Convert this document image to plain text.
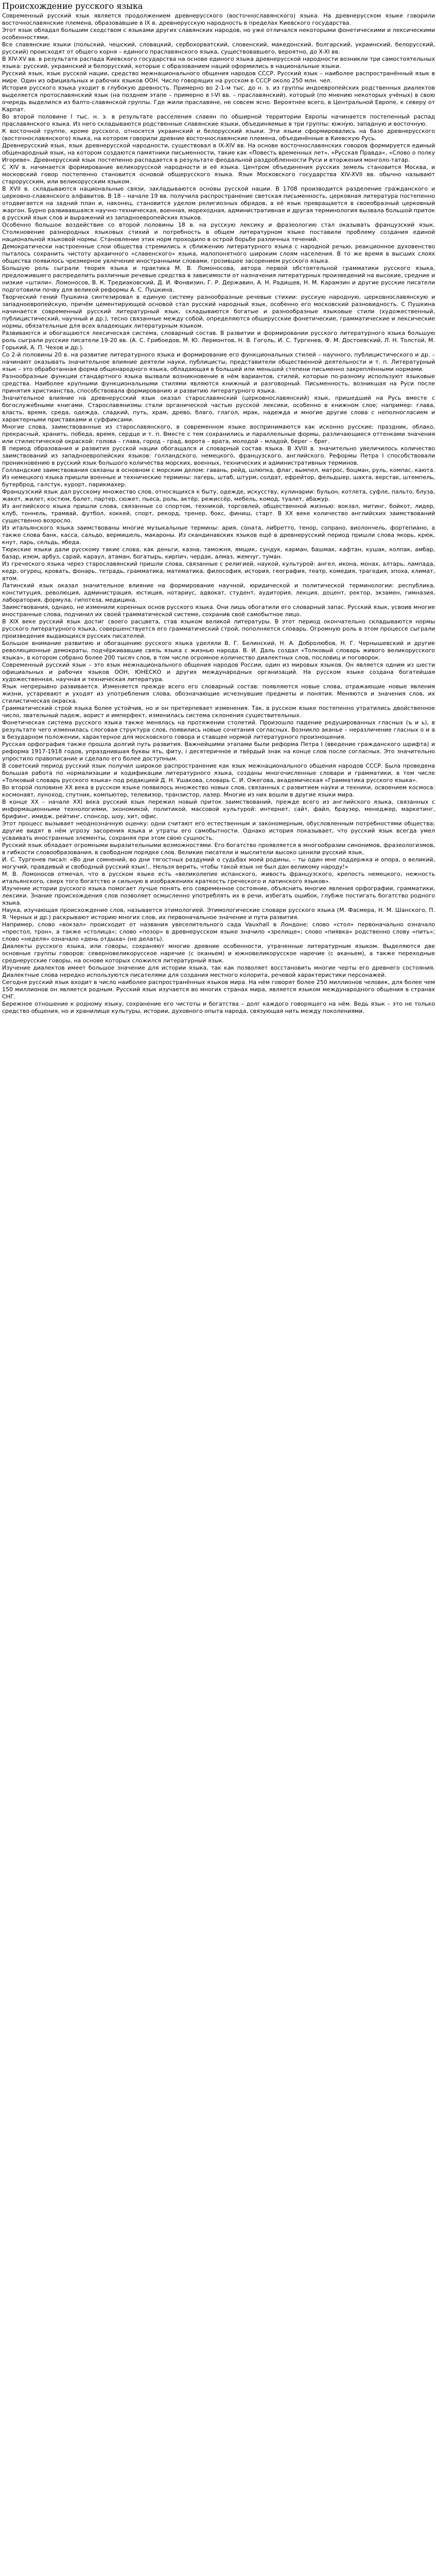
Происхождение русского языка

Современный русский язык является продолжением древнерусского (восточнославянского) языка. На древнерусском языке говорили восточнославянские племена, образовавшие в IX в. древнерусскую народность в пределах Киевского государства.

Этот язык обладал большим сходством с языками других славянских народов, но уже отличался некоторыми фонетическими и лексическими особенностями.

Все славянские языки (польский, чешский, словацкий, сербохорватский, словенский, македонский, болгарский, украинский, белорусский, русский) происходят от общего корня – единого праславянского языка, существовавшего, вероятно, до X-XI вв.

В XIV-XV вв. в результате распада Киевского государства на основе единого языка древнерусской народности возникли три самостоятельных языка: русский, украинский и белорусский, которые с образованием наций оформились в национальные языки.

Русский язык, язык русской нации, средство межнационального общения народов СССР. Русский язык – наиболее распространённый язык в мире. Один из официальных и рабочих языков ООН. Число говорящих на русском в СССР около 250 млн. чел.

История русского языка уходит в глубокую древность. Примерно во 2-1-м тыс. до н. э. из группы индоевропейских родственных диалектов выделяется протославянский язык (на позднем этапе – примерно в I-VI вв. – праславянский), который (по мнению некоторых учёных) в свою очередь выделился из балто-славянской группы. Где жили праславяне, не совсем ясно. Вероятнее всего, в Центральной Европе, к северу от Карпат.

Во второй половине I тыс. н. э. в результате расселения славян по обширной территории Европы начинается постепенный распад праславянского языка. Из него складываются родственные славянские языки, объединяемые в три группы: южную, западную и восточную.

К восточной группе, кроме русского, относятся украинский и белорусский языки. Эти языки сформировались на базе древнерусского (восточнославянского) языка, на котором говорили древние восточнославянские племена, объединённые в Киевскую Русь.

Древнерусский язык, язык древнерусской народности, существовал в IX-XIV вв. На основе восточнославянских говоров формируется единый общенародный язык, на котором создаются памятники письменности, такие как «Повесть временных лет», «Русская Правда», «Слово о полку Игореве». Древнерусский язык постепенно распадается в результате феодальной раздробленности Руси и вторжения монголо-татар.

С XIV в. начинается формирование великорусской народности и её языка. Центром объединения русских земель становится Москва, и московский говор постепенно становится основой общерусского языка. Язык Московского государства XIV-XVII вв. обычно называют старорусским, или великорусским языком.

В XVII в. складываются национальные связи, закладываются основы русской нации. В 1708 производится разделение гражданского и церковно-славянского алфавитов. В 18 – начале 19 вв. получила распространение светская письменность, церковная литература постепенно отодвигается на задний план и, наконец, становится уделом религиозных обрядов, а её язык превращается в своеобразный церковный жаргон. Бурно развивавшаяся научно-техническая, военная, мореходная, административная и другая терминология вызвала большой приток в русский язык слов и выражений из западноевропейских языков.

Особенно большое воздействие со второй половины 18 в. на русскую лексику и фразеологию стал оказывать французский язык. Столкновение разнородных языковых стихий и потребность в общем литературном языке поставили проблему создания единой национальной языковой нормы. Становление этих норм проходило в острой борьбе различных течений.

Демократически настроенные слои общества стремились к сближению литературного языка с народной речью, реакционное духовенство пыталось сохранить чистоту архаичного «славенского» языка, малопонятного широким слоям населения. В то же время в высших слоях общества появилось чрезмерное увлечение иностранными словами, грозившее засорением русского языка.

Большую роль сыграли теория языка и практика М. В. Ломоносова, автора первой обстоятельной грамматики русского языка, предложившего распределить различные речевые средства в зависимости от назначения литературных произведений на высокие, средние и низкие «штили». Ломоносов, В. К. Тредиаковский, Д. И. Фонвизин, Г. Р. Державин, А. Н. Радищев, Н. М. Карамзин и другие русские писатели подготовили почву для великой реформы А. С. Пушкина.

Творческий гений Пушкина синтезировал в единую систему разнообразные речевые стихии: русскую народную, церковнославянскую и западноевропейскую, причём цементирующей основой стал русский народный язык, особенно его московский разновидность. С Пушкина начинается современный русский литературный язык, складываются богатые и разнообразные языковые стили (художественный, публицистический, научный и др.), тесно связанные между собой, определяются общерусские фонетические, грамматические и лексические нормы, обязательные для всех владеющих литературным языком.

Развиваются и обогащаются лексическая система, словарный состав. В развитии и формировании русского литературного языка большую роль сыграли русские писатели 19-20 вв. (А. С. Грибоедов, М. Ю. Лермонтов, Н. В. Гоголь, И. С. Тургенев, Ф. М. Достоевский, Л. Н. Толстой, М. Горький, А. П. Чехов и др.).

Со 2-й половины 20 в. на развитие литературного языка и формирование его функциональных стилей – научного, публицистического и др. – начинают оказывать значительное влияние деятели науки, публицисты, представители общественной деятельности и т. п. Литературный язык – это обработанная форма общенародного языка, обладающая в большей или меньшей степени письменно закреплёнными нормами.

Разнообразные функции стандартного языка вызвали возникновение в нём вариантов, стилей, которые по-разному используют языковые средства. Наиболее крупными функциональными стилями являются книжный и разговорный. Письменность, возникшая на Руси после принятия христианства, способствовала формированию и развитию литературного языка.

Значительное влияние на древнерусский язык оказал старославянский (церковнославянский) язык, пришедший на Русь вместе с богослужебными книгами. Старославянизмы стали органической частью русской лексики, особенно в книжном слое; например: глава, власть, время, среда, одежда, сладкий, путь, храм, древо, благо, глагол, мрак, надежда и многие другие слова с неполногласием и характерными приставками и суффиксами.

Многие слова, заимствованные из старославянского, в современном языке воспринимаются как исконно русские: праздник, облако, прекрасный, хранить, победа, время, сердце и т. п. Вместе с тем сохранились и параллельные формы, различающиеся оттенками значения или стилистической окраской: голова – глава, город – град, ворота – врата, молодой – младой, берег – брег.

В период образования и развития русской нации обогащался и словарный состав языка. В XVIII в. значительно увеличилось количество заимствований из западноевропейских языков: голландского, немецкого, французского, английского. Реформы Петра I способствовали проникновению в русский язык большого количества морских, военных, технических и административных терминов.

Голландские заимствования связаны в основном с морским делом: гавань, рейд, шлюпка, флаг, вымпел, матрос, боцман, руль, компас, каюта. Из немецкого языка пришли военные и технические термины: лагерь, штаб, штурм, солдат, ефрейтор, фельдшер, шахта, верстак, штемпель, бутерброд, галстук, курорт, парикмахер.

Французский язык дал русскому множество слов, относящихся к быту, одежде, искусству, кулинарии: бульон, котлета, суфле, пальто, блуза, жакет, жилет, костюм, балет, партер, сюжет, пьеса, роль, актёр, режиссёр, мебель, комод, туалет, абажур.

Из английского языка пришли слова, связанные со спортом, техникой, торговлей, общественной жизнью: вокзал, митинг, бойкот, лидер, клуб, тоннель, трамвай, футбол, хоккей, спорт, рекорд, тренер, бокс, финиш, старт. В XX веке количество английских заимствований существенно возросло.

Из итальянского языка заимствованы многие музыкальные термины: ария, соната, либретто, тенор, сопрано, виолончель, фортепиано, а также слова банк, касса, сальдо, вермишель, макароны. Из скандинавских языков ещё в древнерусский период пришли слова якорь, крюк, кнут, ларь, сельдь, ябеда.

Тюркские языки дали русскому такие слова, как деньги, казна, таможня, ямщик, сундук, карман, башмак, кафтан, кушак, колпак, амбар, базар, изюм, арбуз, сарай, караул, атаман, богатырь, кирпич, чердак, алмаз, жемчуг, туман.

Из греческого языка через старославянский пришли слова, связанные с религией, наукой, культурой: ангел, икона, монах, алтарь, лампада, кедр, огурец, кровать, фонарь, тетрадь, грамматика, математика, философия, история, география, театр, комедия, трагедия, эпоха, климат, атом.

Латинский язык оказал значительное влияние на формирование научной, юридической и политической терминологии: республика, конституция, революция, администрация, юстиция, нотариус, адвокат, студент, аудитория, лекция, доцент, ректор, экзамен, гимназия, лаборатория, формула, гипотеза, медицина.

Заимствования, однако, не изменили коренных основ русского языка. Они лишь обогатили его словарный запас. Русский язык, усвоив многие иностранные слова, подчинил их своей грамматической системе, сохранив своё самобытное лицо.

В XIX веке русский язык достиг своего расцвета, став языком великой литературы. В этот период окончательно складываются нормы русского литературного языка, совершенствуется его грамматический строй, пополняется словарь. Огромную роль в этом процессе сыграли произведения выдающихся русских писателей.

Большое внимание развитию и обогащению русского языка уделяли В. Г. Белинский, Н. А. Добролюбов, Н. Г. Чернышевский и другие революционные демократы, подчёркивавшие связь языка с жизнью народа. В. И. Даль создал «Толковый словарь живого великорусского языка», в котором собрано более 200 тысяч слов, в том числе огромное количество диалектных слов, пословиц и поговорок.

Современный русский язык – это язык межнационального общения народов России, один из мировых языков. Он является одним из шести официальных и рабочих языков ООН, ЮНЕСКО и других международных организаций. На русском языке создана богатейшая художественная, научная и техническая литература.

Язык непрерывно развивается. Изменяется прежде всего его словарный состав: появляются новые слова, отражающие новые явления жизни, устаревают и уходят из употребления слова, обозначающие исчезнувшие предметы и понятия. Меняются и значения слов, их стилистическая окраска.

Грамматический строй языка более устойчив, но и он претерпевает изменения. Так, в русском языке постепенно утратились двойственное число, звательный падеж, аорист и имперфект, изменилась система склонения существительных.

Фонетическая система русского языка также менялась на протяжении столетий. Произошло падение редуцированных гласных (ъ и ь), в результате чего изменилась слоговая структура слов, появились новые сочетания согласных. Возникло аканье – неразличение гласных о и а в безударном положении, характерное для московского говора и ставшее нормой литературного произношения.

Русская орфография также прошла долгий путь развития. Важнейшими этапами были реформа Петра I (введение гражданского шрифта) и реформа 1917-1918 годов, упразднившая буквы ять, фиту, i десятеричное и твёрдый знак на конце слов после согласных. Это значительно упростило правописание и сделало его более доступным.

В советский период русский язык получил широкое распространение как язык межнационального общения народов СССР. Была проведена большая работа по нормализации и кодификации литературного языка, созданы многочисленные словари и грамматики, в том числе «Толковый словарь русского языка» под редакцией Д. Н. Ушакова, словарь С. И. Ожегова, академическая «Грамматика русского языка».

Во второй половине XX века в русском языке появилось множество новых слов, связанных с развитием науки и техники, освоением космоса: космонавт, луноход, спутник, компьютер, телевизор, транзистор, лазер. Многие из них вошли в другие языки мира.

В конце XX – начале XXI века русский язык пережил новый приток заимствований, прежде всего из английского языка, связанных с информационными технологиями, экономикой, политикой, массовой культурой: интернет, сайт, файл, браузер, менеджер, маркетинг, брифинг, имидж, рейтинг, спонсор, шоу, хит, офис.

Этот процесс вызывает неоднозначную оценку: одни считают его естественным и закономерным, обусловленным потребностями общества; другие видят в нём угрозу засорения языка и утраты его самобытности. Однако история показывает, что русский язык всегда умел усваивать иностранные элементы, сохраняя при этом свою сущность.

Русский язык обладает огромными выразительными возможностями. Его богатство проявляется в многообразии синонимов, фразеологизмов, в гибкости словообразования, в свободном порядке слов. Великие писатели и мыслители высоко ценили русский язык.

И. С. Тургенев писал: «Во дни сомнений, во дни тягостных раздумий о судьбах моей родины, – ты один мне поддержка и опора, о великий, могучий, правдивый и свободный русский язык!.. Нельзя верить, чтобы такой язык не был дан великому народу!»

М. В. Ломоносов отмечал, что в русском языке есть «великолепие испанского, живость французского, крепость немецкого, нежность итальянского, сверх того богатство и сильную в изображениях краткость греческого и латинского языков».

Изучение истории русского языка помогает лучше понять его современное состояние, объяснить многие явления орфографии, грамматики, лексики. Знание происхождения слов позволяет осмысленно употреблять их в речи, избегать ошибок, глубже постигать богатство родного языка.

Наука, изучающая происхождение слов, называется этимологией. Этимологические словари русского языка (М. Фасмера, Н. М. Шанского, П. Я. Черных и др.) раскрывают историю многих слов, их первоначальное значение и пути развития.

Например, слово «вокзал» происходит от названия увеселительного сада Vauxhall в Лондоне; слово «стол» первоначально означало «престол, трон», а также «столица»; слово «позор» в древнерусском языке значило «зрелище»; слово «пиявка» родственно слову «пить»; слово «неделя» означало «день отдыха» (не делать).

Диалекты русского языка, или говоры, сохраняют многие древние особенности, утраченные литературным языком. Выделяются две основные группы говоров: северновеликорусское наречие (с оканьем) и южновеликорусское наречие (с аканьем), а также переходные среднерусские говоры, на основе которых сложился литературный язык.

Изучение диалектов имеет большое значение для истории языка, так как позволяет восстановить многие черты его древнего состояния. Диалектные слова нередко используются писателями для создания местного колорита, речевой характеристики персонажей.

Сегодня русский язык входит в число наиболее распространённых языков мира. На нём говорят более 250 миллионов человек, для более чем 150 миллионов он является родным. Русский язык изучается во многих странах мира, является языком международного общения в странах СНГ.

Бережное отношение к родному языку, сохранение его чистоты и богатства – долг каждого говорящего на нём. Ведь язык – это не только средство общения, но и хранилище культуры, истории, духовного опыта народа, связующая нить между поколениями.
